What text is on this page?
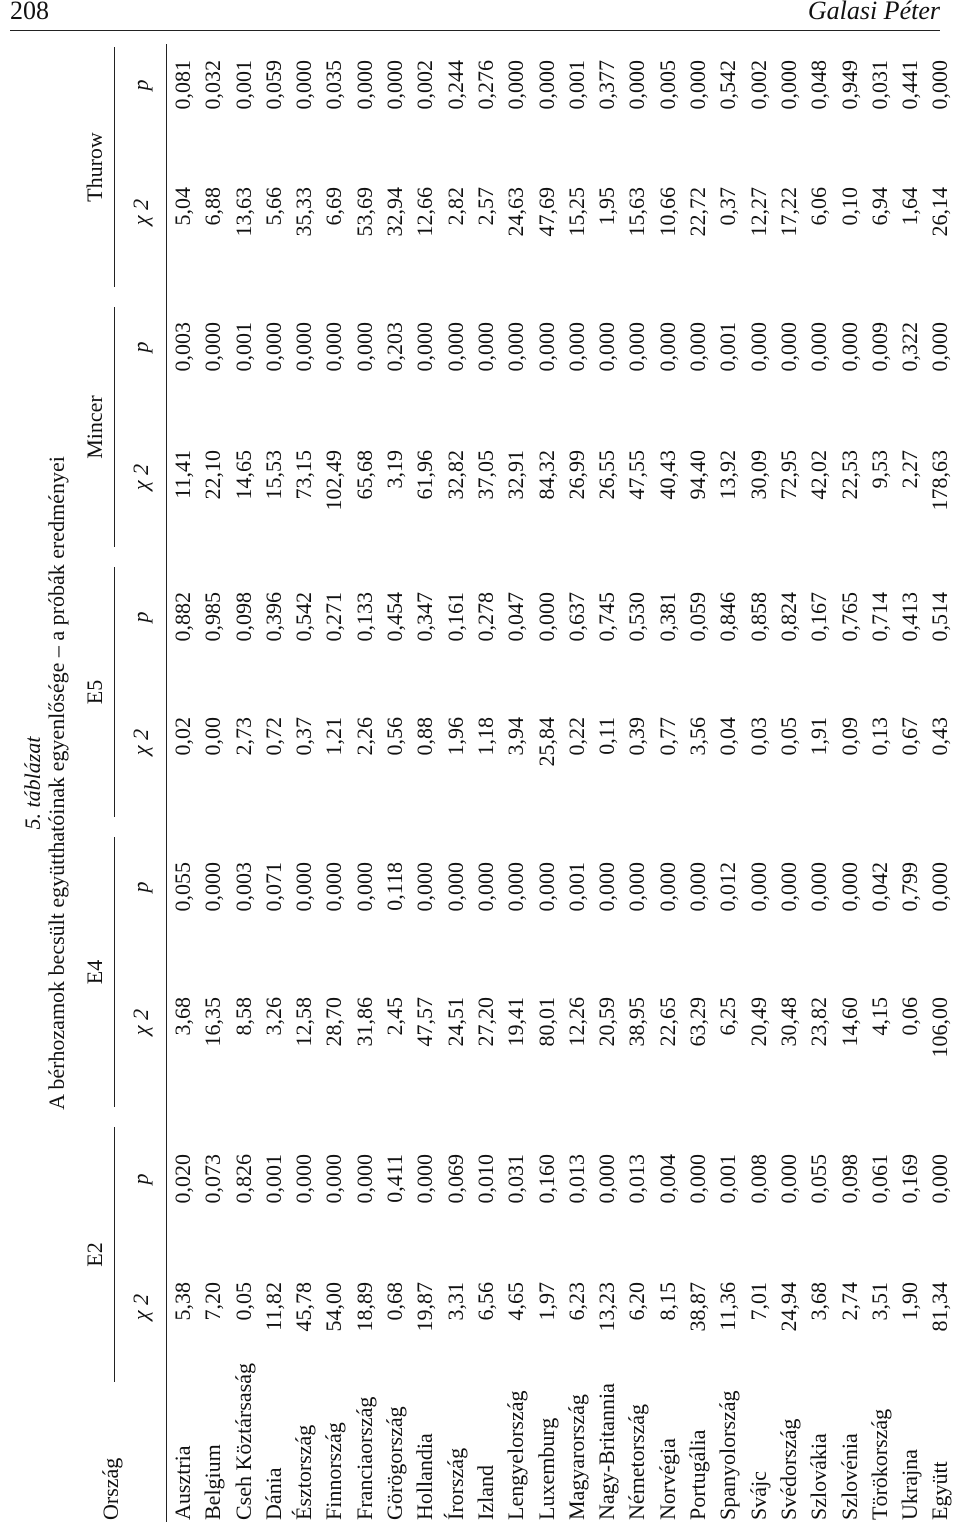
208	Galasi Péter
5. táblázat A bérhozamok becsült együtthatóinak egyenlősége – a próbák eredményei
Ország
E2
E4
E5
Mincer
Thurow
χ 2
p
χ 2
p
χ 2
p
χ 2
p
χ 2
p
Ausztria
5,38
0,020
3,68
0,055
0,02
0,882
11,41
0,003
5,04
0,081
Belgium
7,20
0,073
16,35
0,000
0,00
0,985
22,10
0,000
6,88
0,032
Cseh Köztársaság
0,05
0,826
8,58
0,003
2,73
0,098
14,65
0,001
13,63
0,001
Dánia
11,82
0,001
3,26
0,071
0,72
0,396
15,53
0,000
5,66
0,059
Észtország
45,78
0,000
12,58
0,000
0,37
0,542
73,15
0,000
35,33
0,000
Finnország
54,00
0,000
28,70
0,000
1,21
0,271
102,49
0,000
6,69
0,035
Franciaország
18,89
0,000
31,86
0,000
2,26
0,133
65,68
0,000
53,69
0,000
Görögország
0,68
0,411
2,45
0,118
0,56
0,454
3,19
0,203
32,94
0,000
Hollandia
19,87
0,000
47,57
0,000
0,88
0,347
61,96
0,000
12,66
0,002
Írország
3,31
0,069
24,51
0,000
1,96
0,161
32,82
0,000
2,82
0,244
Izland
6,56
0,010
27,20
0,000
1,18
0,278
37,05
0,000
2,57
0,276
Lengyelország
4,65
0,031
19,41
0,000
3,94
0,047
32,91
0,000
24,63
0,000
Luxemburg
1,97
0,160
80,01
0,000
25,84
0,000
84,32
0,000
47,69
0,000
Magyarország
6,23
0,013
12,26
0,001
0,22
0,637
26,99
0,000
15,25
0,001
Nagy-Britannia
13,23
0,000
20,59
0,000
0,11
0,745
26,55
0,000
1,95
0,377
Németország
6,20
0,013
38,95
0,000
0,39
0,530
47,55
0,000
15,63
0,000
Norvégia
8,15
0,004
22,65
0,000
0,77
0,381
40,43
0,000
10,66
0,005
Portugália
38,87
0,000
63,29
0,000
3,56
0,059
94,40
0,000
22,72
0,000
Spanyolország
11,36
0,001
6,25
0,012
0,04
0,846
13,92
0,001
0,37
0,542
Svájc
7,01
0,008
20,49
0,000
0,03
0,858
30,09
0,000
12,27
0,002
Svédország
24,94
0,000
30,48
0,000
0,05
0,824
72,95
0,000
17,22
0,000
Szlovákia
3,68
0,055
23,82
0,000
1,91
0,167
42,02
0,000
6,06
0,048
Szlovénia
2,74
0,098
14,60
0,000
0,09
0,765
22,53
0,000
0,10
0,949
Törökország
3,51
0,061
4,15
0,042
0,13
0,714
9,53
0,009
6,94
0,031
Ukrajna
1,90
0,169
0,06
0,799
0,67
0,413
2,27
0,322
1,64
0,441
Együtt
81,34
0,000
106,00
0,000
0,43
0,514
178,63
0,000
26,14
0,000
